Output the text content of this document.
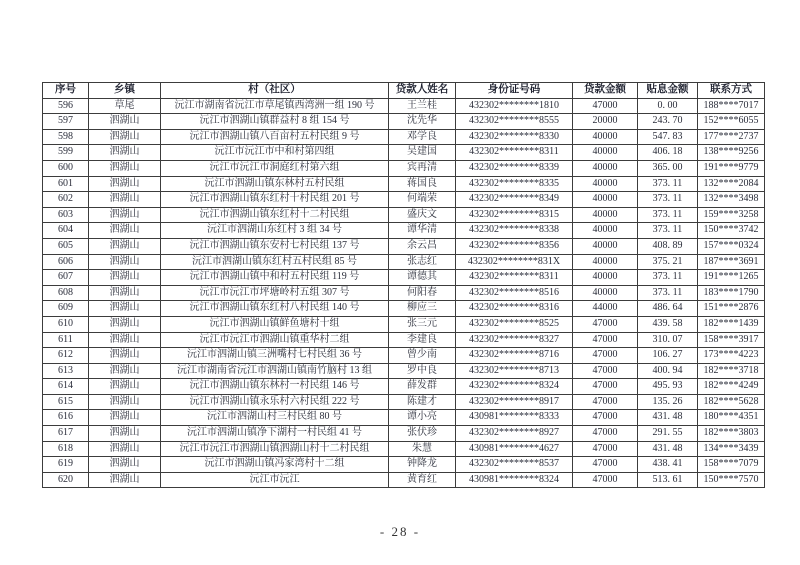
序号	乡镇	村（社区）	贷款人姓名	身份证号码	贷款金额	贴息金额	联系方式
596	草尾	沅江市湖南省沅江市草尾镇西湾洲一组 190 号	王兰桂	432302********1810	47000	0. 00	188****7017
597	泗湖山	沅江市泗湖山镇群益村 8 组 154 号	沈先华	432302********8555	20000	243. 70	152****6055
598	泗湖山	沅江市泗湖山镇八百亩村五村民组 9 号	邓学良	432302********8330	40000	547. 83	177****2737
599	泗湖山	沅江市沅江市中和村第四组	吴建国	432302********8311	40000	406. 18	138****9256
600	泗湖山	沅江市沅江市洞庭红村第六组	宾再清	432302********8339	40000	365. 00	191****9779
601	泗湖山	沅江市泗湖山镇东林村五村民组	蒋国良	432302********8335	40000	373. 11	132****2084
602	泗湖山	沅江市泗湖山镇东红村十村民组 201 号	何端荣	432302********8349	40000	373. 11	132****3498
603	泗湖山	沅江市泗湖山镇东红村十二村民组	盛庆文	432302********8315	40000	373. 11	159****3258
604	泗湖山	沅江市泗湖山东红村 3 组 34 号	谭华清	432302********8338	40000	373. 11	150****3742
605	泗湖山	沅江市泗湖山镇东安村七村民组 137 号	余云昌	432302********8356	40000	408. 89	157****0324
606	泗湖山	沅江市泗湖山镇东红村五村民组 85 号	张志红	432302********831X	40000	375. 21	187****3691
607	泗湖山	沅江市泗湖山镇中和村五村民组 119 号	谭德其	432302********8311	40000	373. 11	191****1265
608	泗湖山	沅江市沅江市坪塘岭村五组 307 号	何阳春	432302********8516	40000	373. 11	183****1790
609	泗湖山	沅江市泗湖山镇东红村八村民组 140 号	柳应三	432302********8316	44000	486. 64	151****2876
610	泗湖山	沅江市泗湖山镇鲜鱼塘村十组	张三元	432302********8525	47000	439. 58	182****1439
611	泗湖山	沅江市沅江市泗湖山镇重华村二组	李建良	432302********8327	47000	310. 07	158****3917
612	泗湖山	沅江市泗湖山镇三洲嘴村七村民组 36 号	曾少南	432302********8716	47000	106. 27	173****4223
613	泗湖山	沅江市湖南省沅江市泗湖山镇南竹脑村 13 组	罗中良	432302********8713	47000	400. 94	182****3718
614	泗湖山	沅江市泗湖山镇东林村一村民组 146 号	薛发群	432302********8324	47000	495. 93	182****4249
615	泗湖山	沅江市泗湖山镇永乐村六村民组 222 号	陈建才	432302********8917	47000	135. 26	182****5628
616	泗湖山	沅江市泗湖山村三村民组 80 号	谭小亮	430981********8333	47000	431. 48	180****4351
617	泗湖山	沅江市泗湖山镇净下湖村一村民组 41 号	张伏珍	432302********8927	47000	291. 55	182****3803
618	泗湖山	沅江市沅江市泗湖山镇泗湖山村十二村民组	朱慧	430981********4627	47000	431. 48	134****3439
619	泗湖山	沅江市泗湖山镇冯家湾村十二组	钟降龙	432302********8537	47000	438. 41	158****7079
620	泗湖山	沅江市沅江	黄育红	430981********8324	47000	513. 61	150****7570
- 28 -
